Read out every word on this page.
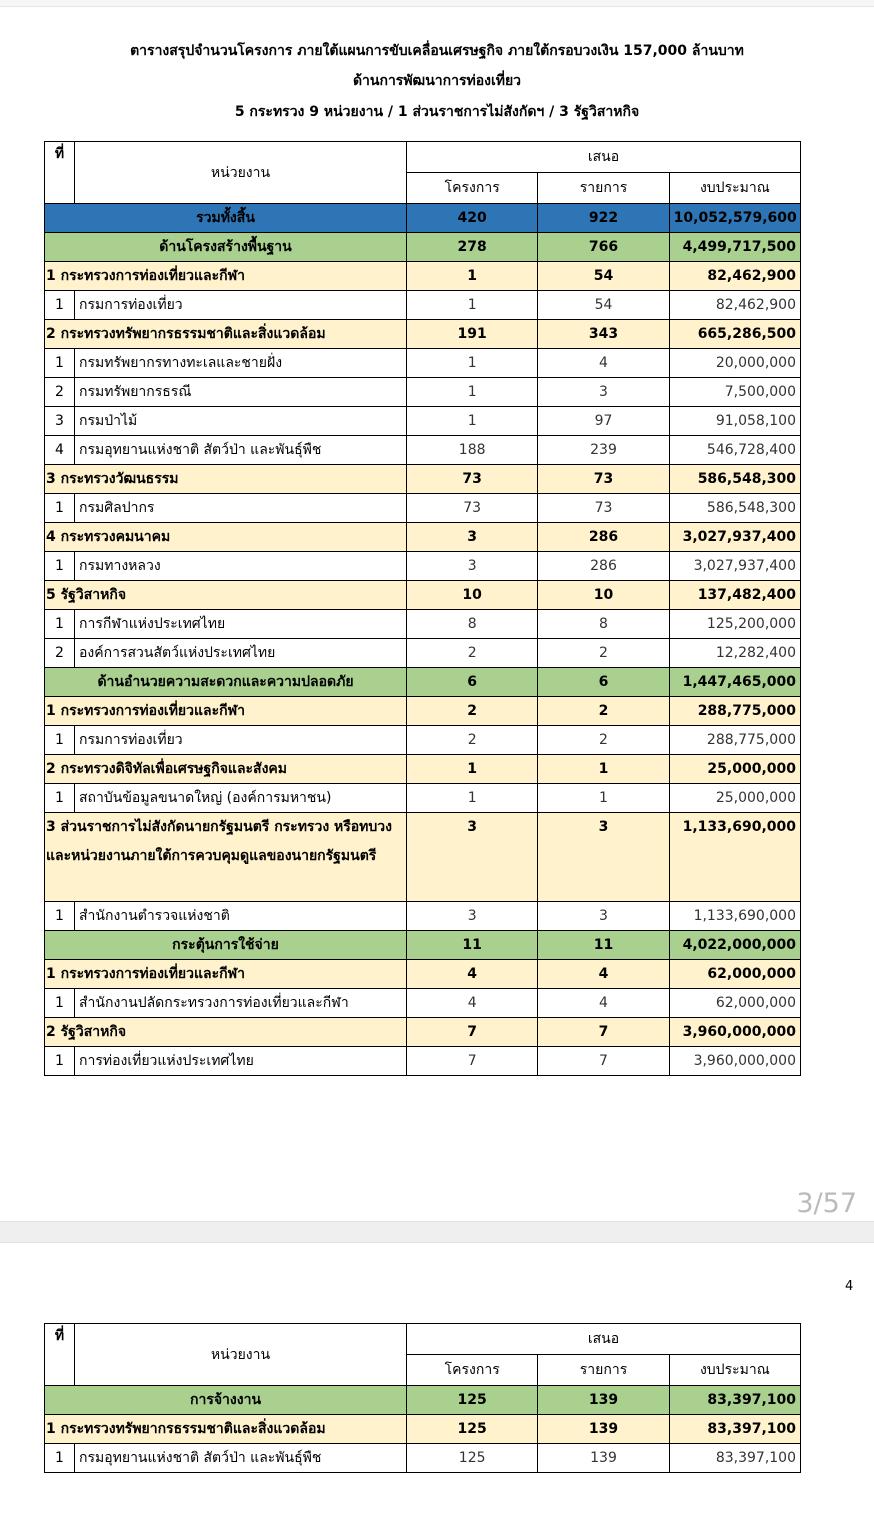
ตารางสรุปจำนวนโครงการ ภายใต้แผนการขับเคลื่อนเศรษฐกิจ ภายใต้กรอบวงเงิน 157,000 ล้านบาท
ด้านการพัฒนาการท่องเที่ยว
5 กระทรวง 9 หน่วยงาน / 1 ส่วนราชการไม่สังกัดฯ / 3 รัฐวิสาหกิจ
ที่	หน่วยงาน	เสนอ		
		โครงการ	รายการ	งบประมาณ
รวมทั้งสิ้น		420	922	10,052,579,600
ด้านโครงสร้างพื้นฐาน		278	766	4,499,717,500
1 กระทรวงการท่องเที่ยวและกีฬา		1	54	82,462,900
1	กรมการท่องเที่ยว	1	54	82,462,900
2 กระทรวงทรัพยากรธรรมชาติและสิ่งแวดล้อม		191	343	665,286,500
1	กรมทรัพยากรทางทะเลและชายฝั่ง	1	4	20,000,000
2	กรมทรัพยากรธรณี	1	3	7,500,000
3	กรมป่าไม้	1	97	91,058,100
4	กรมอุทยานแห่งชาติ สัตว์ป่า และพันธุ์พืช	188	239	546,728,400
3 กระทรวงวัฒนธรรม		73	73	586,548,300
1	กรมศิลปากร	73	73	586,548,300
4 กระทรวงคมนาคม		3	286	3,027,937,400
1	กรมทางหลวง	3	286	3,027,937,400
5 รัฐวิสาหกิจ		10	10	137,482,400
1	การกีฬาแห่งประเทศไทย	8	8	125,200,000
2	องค์การสวนสัตว์แห่งประเทศไทย	2	2	12,282,400
ด้านอำนวยความสะดวกและความปลอดภัย		6	6	1,447,465,000
1 กระทรวงการท่องเที่ยวและกีฬา		2	2	288,775,000
1	กรมการท่องเที่ยว	2	2	288,775,000
2 กระทรวงดิจิทัลเพื่อเศรษฐกิจและสังคม		1	1	25,000,000
1	สถาบันข้อมูลขนาดใหญ่ (องค์การมหาชน)	1	1	25,000,000
3 ส่วนราชการไม่สังกัดนายกรัฐมนตรี กระทรวง หรือทบวง และหน่วยงานภายใต้การควบคุมดูแลของนายกรัฐมนตรี		3	3	1,133,690,000
1	สำนักงานตำรวจแห่งชาติ	3	3	1,133,690,000
กระตุ้นการใช้จ่าย		11	11	4,022,000,000
1 กระทรวงการท่องเที่ยวและกีฬา		4	4	62,000,000
1	สำนักงานปลัดกระทรวงการท่องเที่ยวและกีฬา	4	4	62,000,000
2 รัฐวิสาหกิจ		7	7	3,960,000,000
1	การท่องเที่ยวแห่งประเทศไทย	7	7	3,960,000,000
3/57
4
ที่	หน่วยงาน	เสนอ		
		โครงการ	รายการ	งบประมาณ
การจ้างงาน		125	139	83,397,100
1 กระทรวงทรัพยากรธรรมชาติและสิ่งแวดล้อม		125	139	83,397,100
1	กรมอุทยานแห่งชาติ สัตว์ป่า และพันธุ์พืช	125	139	83,397,100
